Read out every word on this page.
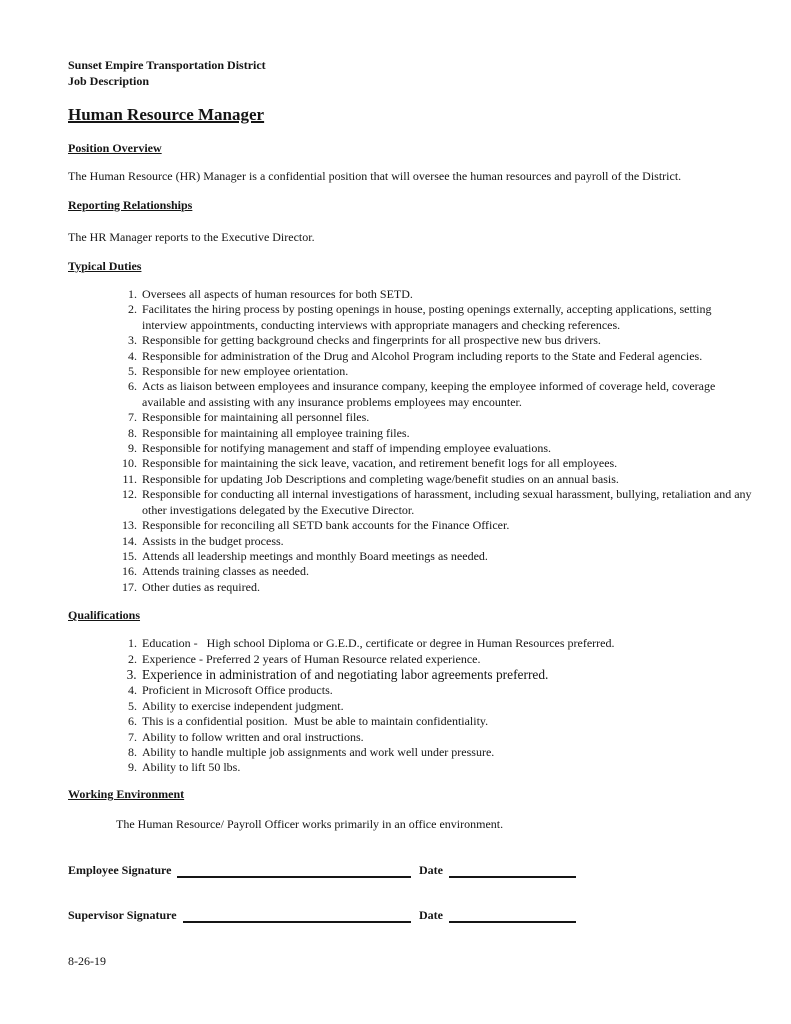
Sunset Empire Transportation District
Job Description
Human Resource Manager
Position Overview
The Human Resource (HR) Manager is a confidential position that will oversee the human resources and payroll of the District.
Reporting Relationships
The HR Manager reports to the Executive Director.
Typical Duties
1. Oversees all aspects of human resources for both SETD.
2. Facilitates the hiring process by posting openings in house, posting openings externally, accepting applications, setting interview appointments, conducting interviews with appropriate managers and checking references.
3. Responsible for getting background checks and fingerprints for all prospective new bus drivers.
4. Responsible for administration of the Drug and Alcohol Program including reports to the State and Federal agencies.
5. Responsible for new employee orientation.
6. Acts as liaison between employees and insurance company, keeping the employee informed of coverage held, coverage available and assisting with any insurance problems employees may encounter.
7. Responsible for maintaining all personnel files.
8. Responsible for maintaining all employee training files.
9. Responsible for notifying management and staff of impending employee evaluations.
10. Responsible for maintaining the sick leave, vacation, and retirement benefit logs for all employees.
11. Responsible for updating Job Descriptions and completing wage/benefit studies on an annual basis.
12. Responsible for conducting all internal investigations of harassment, including sexual harassment, bullying, retaliation and any other investigations delegated by the Executive Director.
13. Responsible for reconciling all SETD bank accounts for the Finance Officer.
14. Assists in the budget process.
15. Attends all leadership meetings and monthly Board meetings as needed.
16. Attends training classes as needed.
17. Other duties as required.
Qualifications
1. Education -   High school Diploma or G.E.D., certificate or degree in Human Resources preferred.
2. Experience - Preferred 2 years of Human Resource related experience.
3. Experience in administration of and negotiating labor agreements preferred.
4. Proficient in Microsoft Office products.
5. Ability to exercise independent judgment.
6. This is a confidential position.  Must be able to maintain confidentiality.
7. Ability to follow written and oral instructions.
8. Ability to handle multiple job assignments and work well under pressure.
9. Ability to lift 50 lbs.
Working Environment
The Human Resource/ Payroll Officer works primarily in an office environment.
Employee Signature	Date
Supervisor Signature	Date
8-26-19
